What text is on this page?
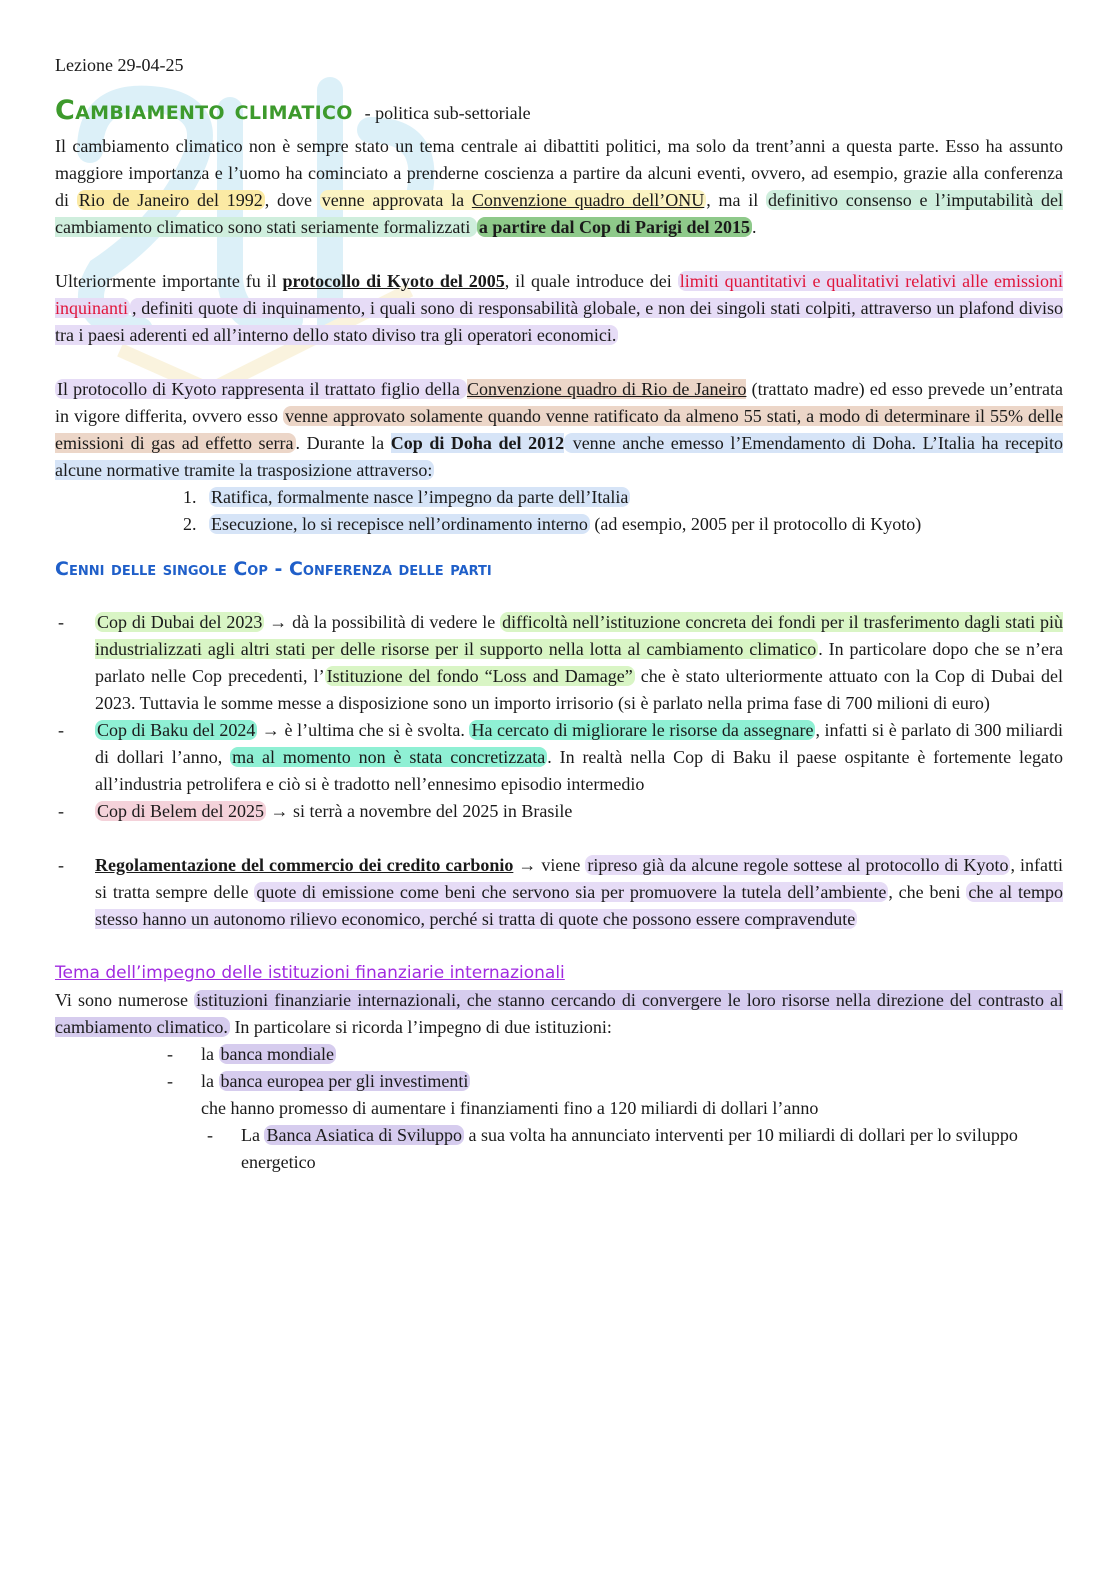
Lezione 29-04-25

Cambiamento climatico - politica sub-settoriale

Il cambiamento climatico non è sempre stato un tema centrale ai dibattiti politici, ma solo da trent’anni a questa parte. Esso ha assunto maggiore importanza e l’uomo ha cominciato a prenderne coscienza a partire da alcuni eventi, ovvero, ad esempio, grazie alla conferenza di Rio de Janeiro del 1992 , dove venne approvata la Convenzione quadro dell’ONU , ma il definitivo consenso e l’imputabilità del cambiamento climatico sono stati seriamente formalizzati a partire dal Cop di Parigi del 2015 .

Ulteriormente importante fu il protocollo di Kyoto del 2005, il quale introduce dei limiti quantitativi e qualitativi relativi alle emissioni inquinanti , definiti quote di inquinamento, i quali sono di responsabilità globale, e non dei singoli stati colpiti, attraverso un plafond diviso tra i paesi aderenti ed all’interno dello stato diviso tra gli operatori economici.

Il protocollo di Kyoto rappresenta il trattato figlio della Convenzione quadro di Rio de Janeiro (trattato madre) ed esso prevede un’entrata in vigore differita, ovvero esso venne approvato solamente quando venne ratificato da almeno 55 stati, a modo di determinare il 55% delle emissioni di gas ad effetto serra . Durante la Cop di Doha del 2012 venne anche emesso l’Emendamento di Doha. L’Italia ha recepito alcune normative tramite la trasposizione attraverso:

1. Ratifica, formalmente nasce l’impegno da parte dell’Italia
2. Esecuzione, lo si recepisce nell’ordinamento interno (ad esempio, 2005 per il protocollo di Kyoto)
Cenni delle singole Cop - Conferenza delle parti
- Cop di Dubai del 2023 → dà la possibilità di vedere le difficoltà nell’istituzione concreta dei fondi per il trasferimento dagli stati più industrializzati agli altri stati per delle risorse per il supporto nella lotta al cambiamento climatico . In particolare dopo che se n’era parlato nelle Cop precedenti, l’ Istituzione del fondo “Loss and Damage” che è stato ulteriormente attuato con la Cop di Dubai del 2023. Tuttavia le somme messe a disposizione sono un importo irrisorio (si è parlato nella prima fase di 700 milioni di euro)
- Cop di Baku del 2024 → è l’ultima che si è svolta. Ha cercato di migliorare le risorse da assegnare , infatti si è parlato di 300 miliardi di dollari l’anno, ma al momento non è stata concretizzata . In realtà nella Cop di Baku il paese ospitante è fortemente legato all’industria petrolifera e ciò si è tradotto nell’ennesimo episodio intermedio
- Cop di Belem del 2025 → si terrà a novembre del 2025 in Brasile
- Regolamentazione del commercio dei credito carbonio → viene ripreso già da alcune regole sottese al protocollo di Kyoto , infatti si tratta sempre delle quote di emissione come beni che servono sia per promuovere la tutela dell’ambiente , che beni che al tempo stesso hanno un autonomo rilievo economico, perché si tratta di quote che possono essere compravendute

Tema dell’impegno delle istituzioni finanziarie internazionali

Vi sono numerose istituzioni finanziarie internazionali, che stanno cercando di convergere le loro risorse nella direzione del contrasto al cambiamento climatico. In particolare si ricorda l’impegno di due istituzioni:

- la banca mondiale
- la banca europea per gli investimenti

che hanno promesso di aumentare i finanziamenti fino a 120 miliardi di dollari l’anno

- La Banca Asiatica di Sviluppo a sua volta ha annunciato interventi per 10 miliardi di dollari per lo sviluppo energetico
